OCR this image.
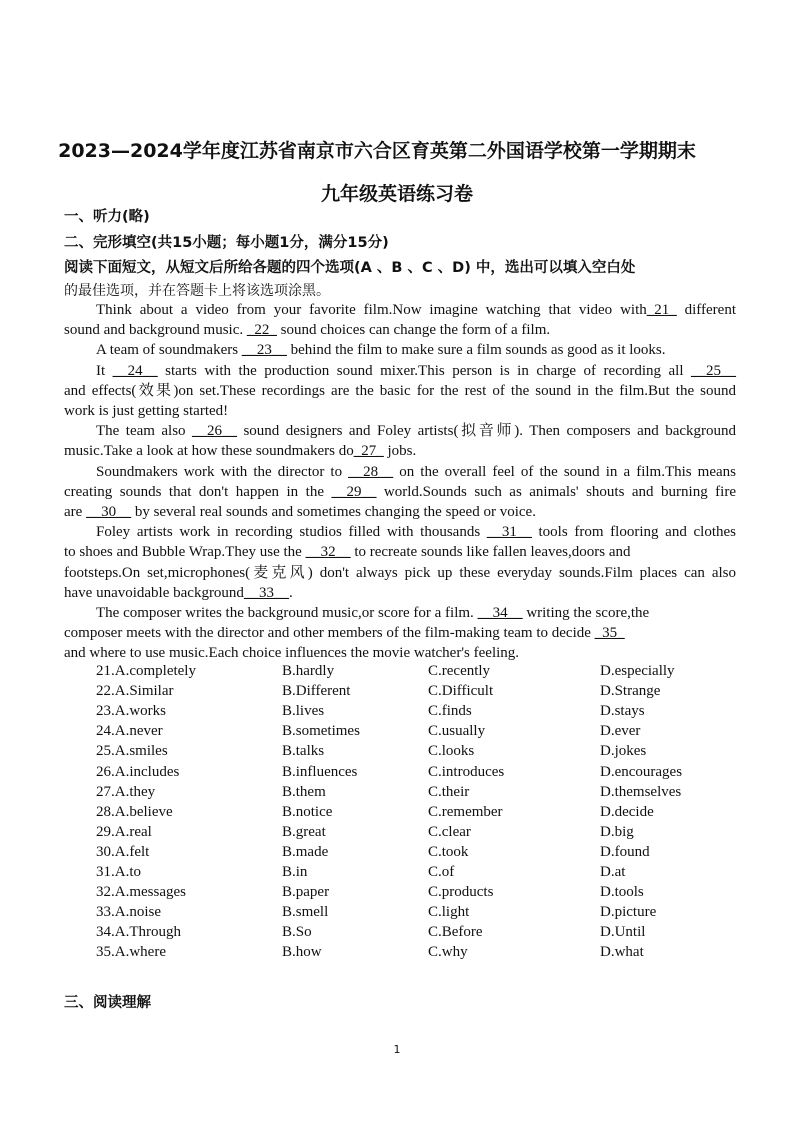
2023—2024学年度江苏省南京市六合区育英第二外国语学校第一学期期末
九年级英语练习卷
一、听力(略)
二、完形填空(共15小题；每小题1分，满分15分)
阅读下面短文，从短文后所给各题的四个选项(A 、B 、C 、D) 中，选出可以填入空白处
的最佳选项，并在答题卡上将该选项涂黑。
Think about a video from your favorite film.Now imagine watching that video with_21_ different
sound and background music. _22_ sound choices can change the form of a film.
A team of soundmakers __23__ behind the film to make sure a film sounds as good as it looks.
It __24__ starts with the production sound mixer.This person is in charge of recording all __25__
and effects(效果)on set.These recordings are the basic for the rest of the sound in the film.But the sound
work is just getting started!
The team also __26__ sound designers and Foley artists(拟音师). Then composers and background
music.Take a look at how these soundmakers do_27_ jobs.
Soundmakers work with the director to __28__ on the overall feel of the sound in a film.This means
creating sounds that don't happen in the __29__ world.Sounds such as animals' shouts and burning fire
are __30__ by several real sounds and sometimes changing the speed or voice.
Foley artists work in recording studios filled with thousands __31__ tools from flooring and clothes
to shoes and Bubble Wrap.They use the __32__ to recreate sounds like fallen leaves,doors and
footsteps.On set,microphones(麦克风) don't always pick up these everyday sounds.Film places can also
have unavoidable background__33__.
The composer writes the background music,or score for a film. __34__ writing the score,the
composer meets with the director and other members of the film-making team to decide _35_
and where to use music.Each choice influences the movie watcher's feeling.
21.A.completely	B.hardly	C.recently	D.especially
22.A.Similar	B.Different	C.Difficult	D.Strange
23.A.works	B.lives	C.finds	D.stays
24.A.never	B.sometimes	C.usually	D.ever
25.A.smiles	B.talks	C.looks	D.jokes
26.A.includes	B.influences	C.introduces	D.encourages
27.A.they	B.them	C.their	D.themselves
28.A.believe	B.notice	C.remember	D.decide
29.A.real	B.great	C.clear	D.big
30.A.felt	B.made	C.took	D.found
31.A.to	B.in	C.of	D.at
32.A.messages	B.paper	C.products	D.tools
33.A.noise	B.smell	C.light	D.picture
34.A.Through	B.So	C.Before	D.Until
35.A.where	B.how	C.why	D.what
三、阅读理解
1
